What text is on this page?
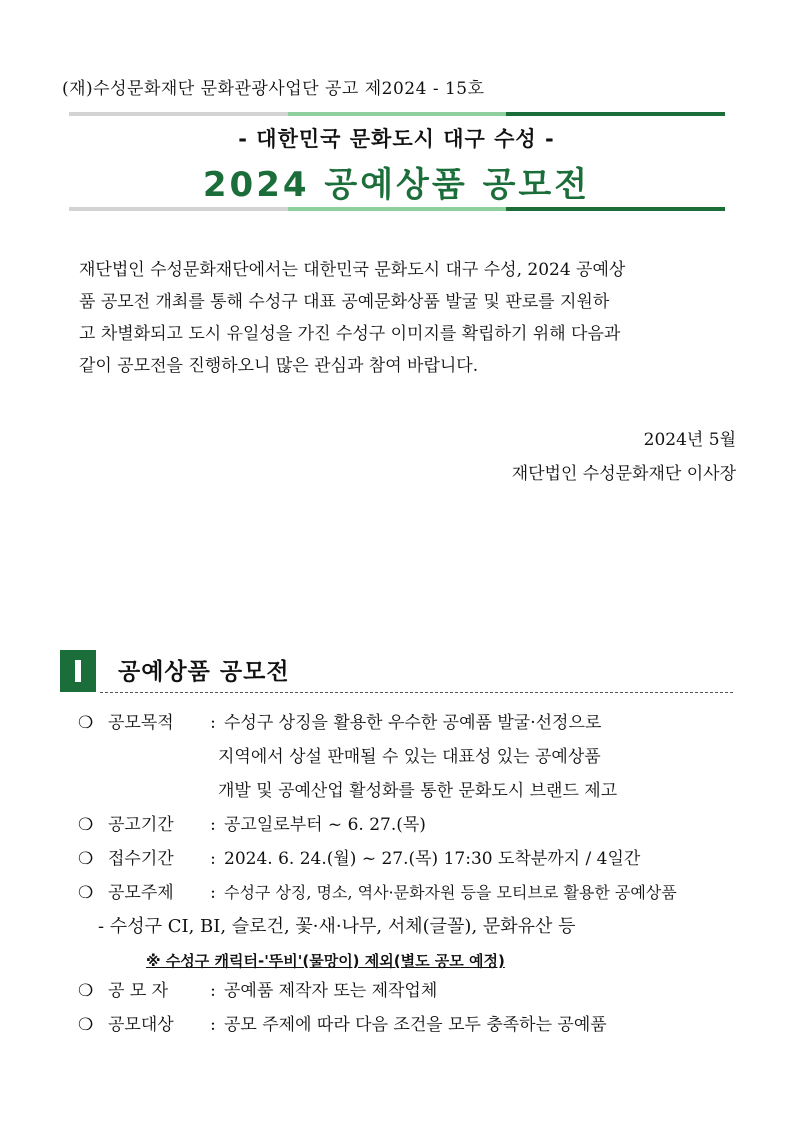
(재)수성문화재단 문화관광사업단 공고 제2024 - 15호
- 대한민국 문화도시 대구 수성 -
2024 공예상품 공모전
재단법인 수성문화재단에서는 대한민국 문화도시 대구 수성, 2024 공예상
품 공모전 개최를 통해 수성구 대표 공예문화상품 발굴 및 판로를 지원하
고 차별화되고 도시 유일성을 가진 수성구 이미지를 확립하기 위해 다음과
같이 공모전을 진행하오니 많은 관심과 참여 바랍니다.
2024년 5월
재단법인 수성문화재단 이사장
공예상품 공모전
❍ 공모목적	: 수성구 상징을 활용한 우수한 공예품 발굴·선정으로
지역에서 상설 판매될 수 있는 대표성 있는 공예상품
개발 및 공예산업 활성화를 통한 문화도시 브랜드 제고
❍ 공고기간	: 공고일로부터 ~ 6. 27.(목)
❍ 접수기간	: 2024. 6. 24.(월) ~ 27.(목) 17:30 도착분까지 / 4일간
❍ 공모주제	: 수성구 상징, 명소, 역사·문화자원 등을 모티브로 활용한 공예상품
- 수성구 CI, BI, 슬로건, 꽃·새·나무, 서체(글꼴), 문화유산 등
※ 수성구 캐릭터-'뚜비'(물망이) 제외(별도 공모 예정)
❍ 공 모 자	: 공예품 제작자 또는 제작업체
❍ 공모대상	: 공모 주제에 따라 다음 조건을 모두 충족하는 공예품
